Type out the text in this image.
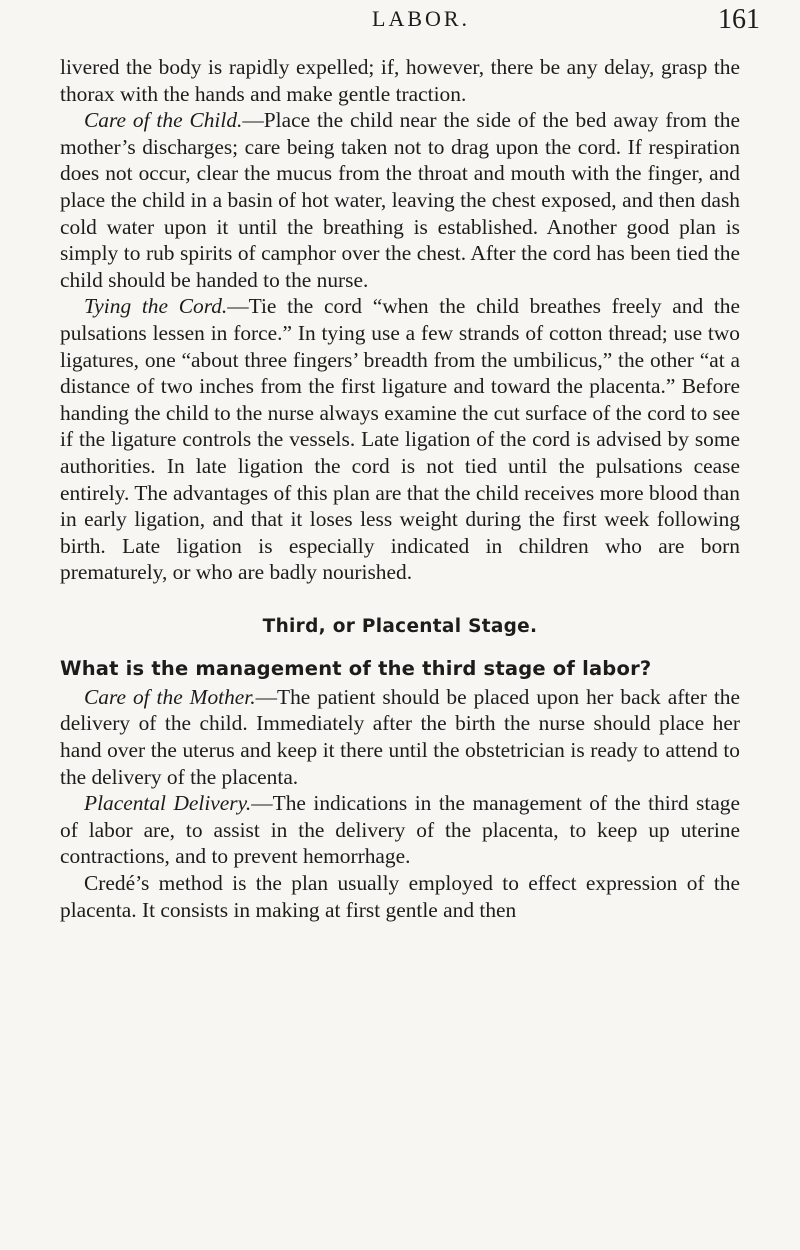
LABOR.	161

livered the body is rapidly expelled; if, however, there be any delay, grasp the thorax with the hands and make gentle traction.

Care of the Child.—Place the child near the side of the bed away from the mother’s discharges; care being taken not to drag upon the cord. If respiration does not occur, clear the mucus from the throat and mouth with the finger, and place the child in a basin of hot water, leaving the chest exposed, and then dash cold water upon it until the breathing is established. Another good plan is simply to rub spirits of camphor over the chest. After the cord has been tied the child should be handed to the nurse.

Tying the Cord.—Tie the cord “when the child breathes freely and the pulsations lessen in force.” In tying use a few strands of cotton thread; use two ligatures, one “about three fingers’ breadth from the umbilicus,” the other “at a distance of two inches from the first ligature and toward the placenta.” Before handing the child to the nurse always examine the cut surface of the cord to see if the ligature controls the vessels. Late ligation of the cord is advised by some authorities. In late ligation the cord is not tied until the pulsations cease entirely. The advantages of this plan are that the child receives more blood than in early ligation, and that it loses less weight during the first week following birth. Late ligation is especially indicated in children who are born prematurely, or who are badly nourished.

Third, or Placental Stage.
What is the management of the third stage of labor?

Care of the Mother.—The patient should be placed upon her back after the delivery of the child. Immediately after the birth the nurse should place her hand over the uterus and keep it there until the obstetrician is ready to attend to the delivery of the placenta.

Placental Delivery.—The indications in the management of the third stage of labor are, to assist in the delivery of the placenta, to keep up uterine contractions, and to prevent hemorrhage.

Credé’s method is the plan usually employed to effect expression of the placenta. It consists in making at first gentle and then
